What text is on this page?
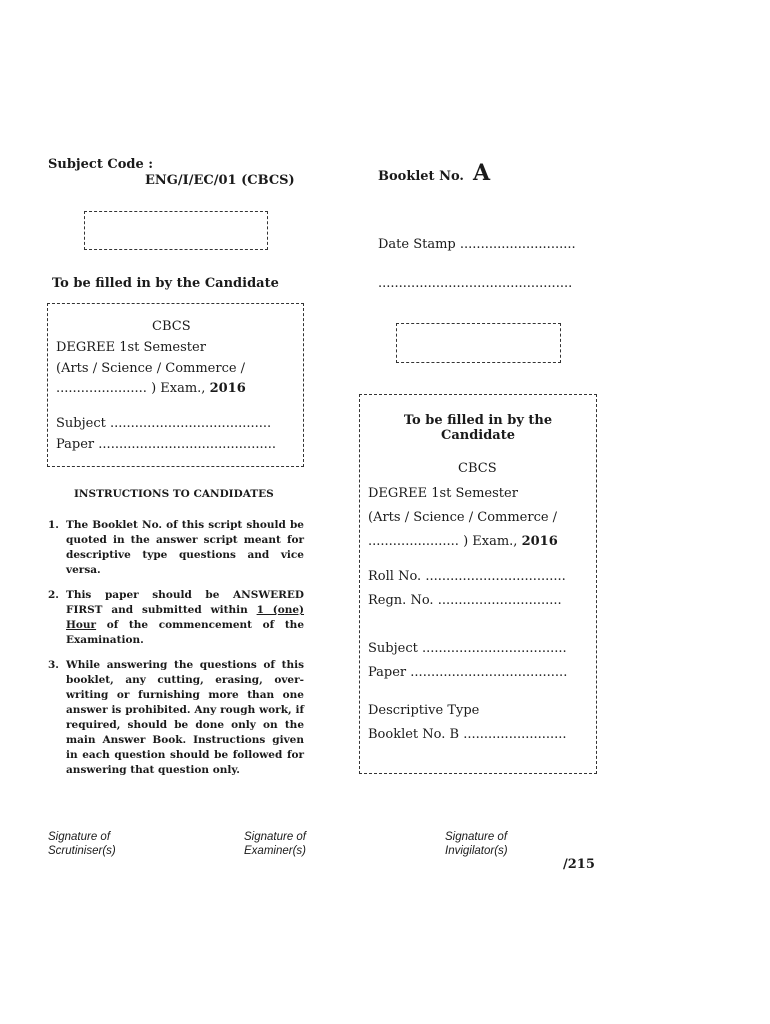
Subject Code :
ENG/I/EC/01 (CBCS)	Booklet No. A
Date Stamp ............................
...............................................
To be filled in by the Candidate
CBCS
DEGREE 1st Semester
(Arts / Science / Commerce /
...................... ) Exam., 2016
Subject .......................................
Paper ...........................................
INSTRUCTIONS TO CANDIDATES
1. The Booklet No. of this script should be quoted in the answer script meant for descriptive type questions and vice versa.
2. This paper should be ANSWERED FIRST and submitted within 1 (one) Hour of the commencement of the Examination.
3. While answering the questions of this booklet, any cutting, erasing, over-writing or furnishing more than one answer is prohibited. Any rough work, if required, should be done only on the main Answer Book. Instructions given in each question should be followed for answering that question only.
To be filled in by the Candidate
CBCS
DEGREE 1st Semester
(Arts / Science / Commerce /
...................... ) Exam., 2016
Roll No. ..................................
Regn. No. ..............................
Subject ...................................
Paper ......................................
Descriptive Type
Booklet No. B .........................
Signature of
Scrutiniser(s)
Signature of
Examiner(s)
Signature of
Invigilator(s)
/215
